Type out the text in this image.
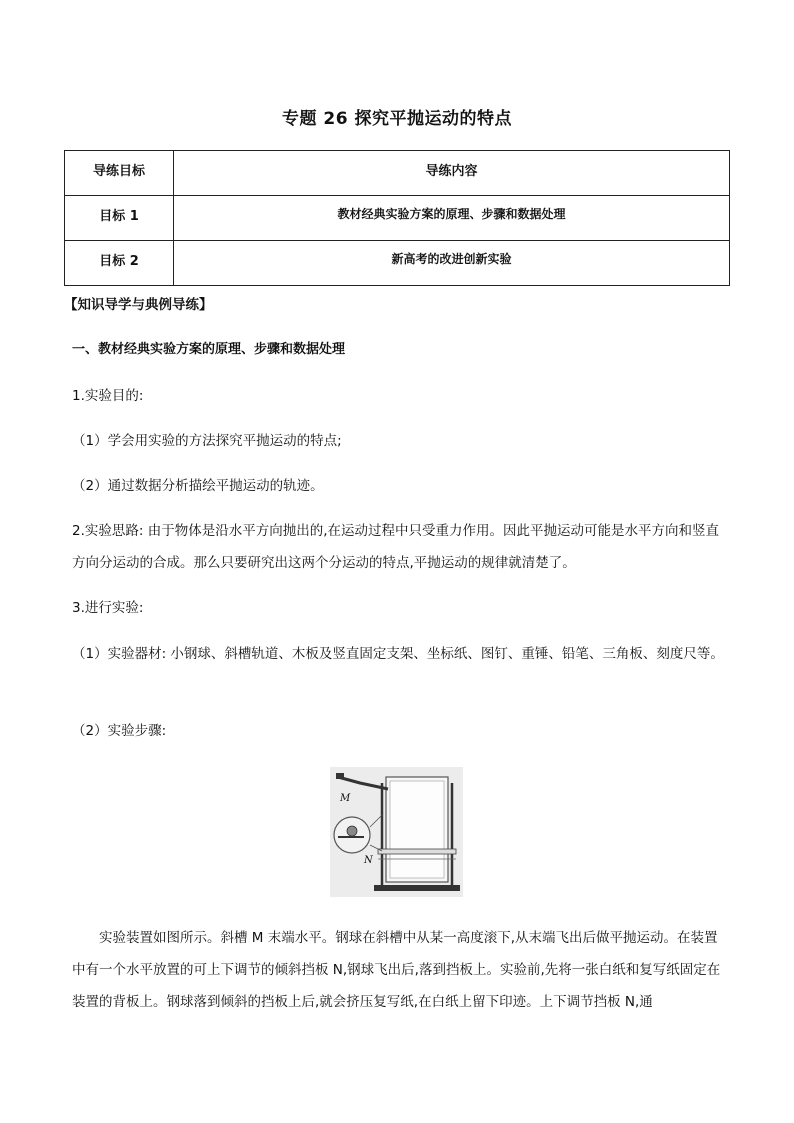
专题 26 探究平抛运动的特点
导练目标	导练内容

目标 1	教材经典实验方案的原理、步骤和数据处理

目标 2	新高考的改进创新实验
【知识导学与典例导练】
一、教材经典实验方案的原理、步骤和数据处理
1.实验目的:
（1）学会用实验的方法探究平抛运动的特点;
（2）通过数据分析描绘平抛运动的轨迹。
2.实验思路: 由于物体是沿水平方向抛出的,在运动过程中只受重力作用。因此平抛运动可能是水平方向和竖直方向分运动的合成。那么只要研究出这两个分运动的特点,平抛运动的规律就清楚了。
3.进行实验:
（1）实验器材: 小钢球、斜槽轨道、木板及竖直固定支架、坐标纸、图钉、重锤、铅笔、三角板、刻度尺等。
（2）实验步骤:
M
N
实验装置如图所示。斜槽 M 末端水平。钢球在斜槽中从某一高度滚下,从末端飞出后做平抛运动。在装置中有一个水平放置的可上下调节的倾斜挡板 N,钢球飞出后,落到挡板上。实验前,先将一张白纸和复写纸固定在装置的背板上。钢球落到倾斜的挡板上后,就会挤压复写纸,在白纸上留下印迹。上下调节挡板 N,通
